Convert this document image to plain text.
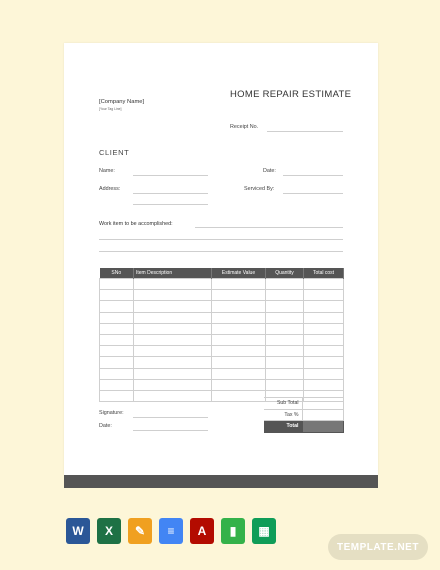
HOME REPAIR ESTIMATE
[Company Name]
[Your Tag Line]
Receipt No.
CLIENT
Name:	Date:
Address:	Serviced By:
Work item to be accomplished:
SNo	Item Description	Estimate Value	Quantity	Total cost

Sub Total	
Tax %	
Total	
Signature:
Date:
W	X	✎	≡	A	▮	▦
TEMPLATE.NET
